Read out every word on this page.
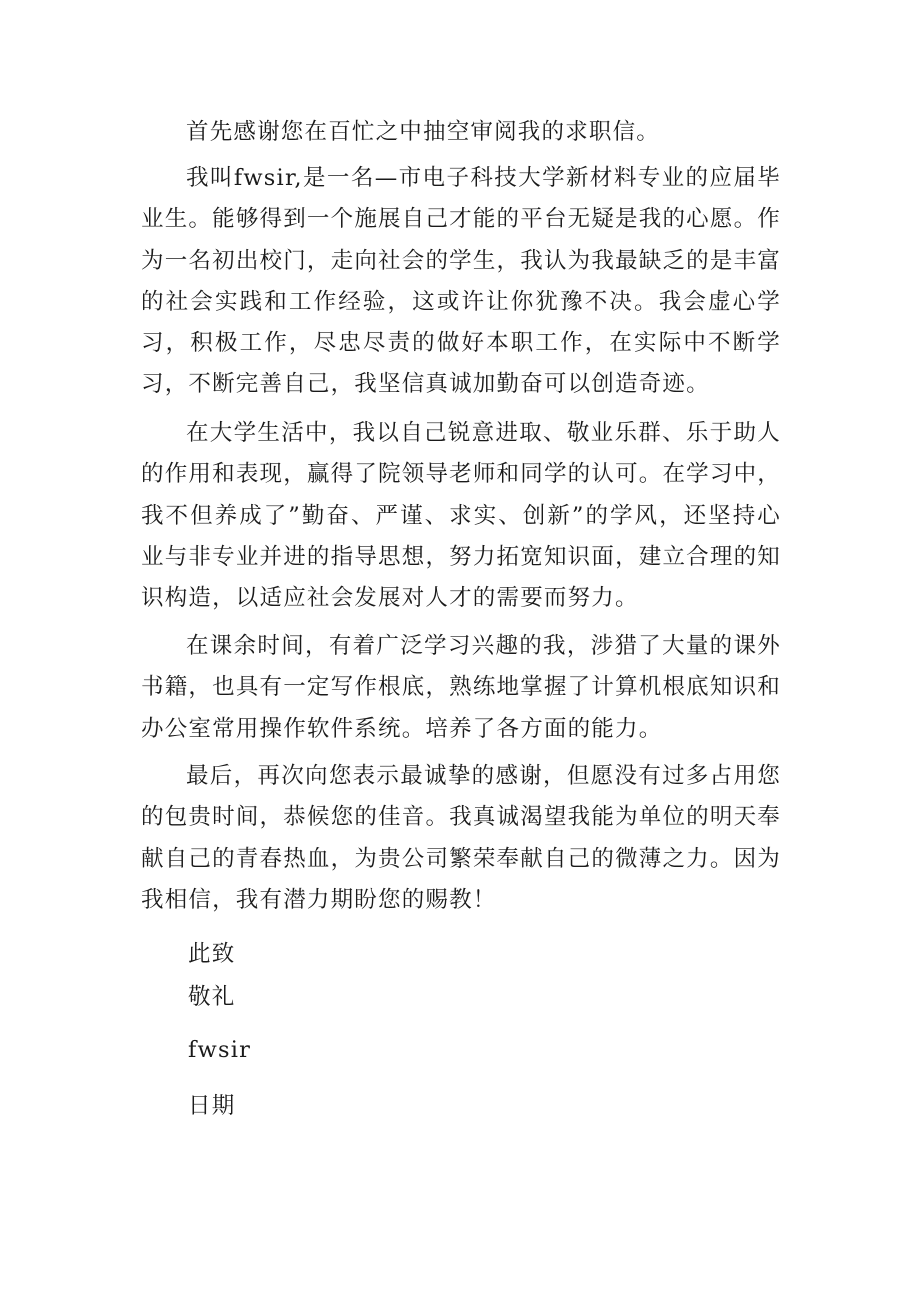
首先感谢您在百忙之中抽空审阅我的求职信。

我叫fwsir,是一名—市电子科技大学新材料专业的应届毕业生。能够得到一个施展自己才能的平台无疑是我的心愿。作为一名初出校门，走向社会的学生，我认为我最缺乏的是丰富的社会实践和工作经验，这或许让你犹豫不决。我会虚心学习，积极工作，尽忠尽责的做好本职工作，在实际中不断学习，不断完善自己，我坚信真诚加勤奋可以创造奇迹。

在大学生活中，我以自己锐意进取、敬业乐群、乐于助人的作用和表现，赢得了院领导老师和同学的认可。在学习中，我不但养成了”勤奋、严谨、求实、创新”的学风，还坚持心业与非专业并进的指导思想，努力拓宽知识面，建立合理的知识构造，以适应社会发展对人才的需要而努力。

在课余时间，有着广泛学习兴趣的我，涉猎了大量的课外书籍，也具有一定写作根底，熟练地掌握了计算机根底知识和办公室常用操作软件系统。培养了各方面的能力。

最后，再次向您表示最诚挚的感谢，但愿没有过多占用您的包贵时间，恭候您的佳音。我真诚渴望我能为单位的明天奉献自己的青春热血，为贵公司繁荣奉献自己的微薄之力。因为我相信，我有潜力期盼您的赐教！

此致

敬礼

fwsir

日期
